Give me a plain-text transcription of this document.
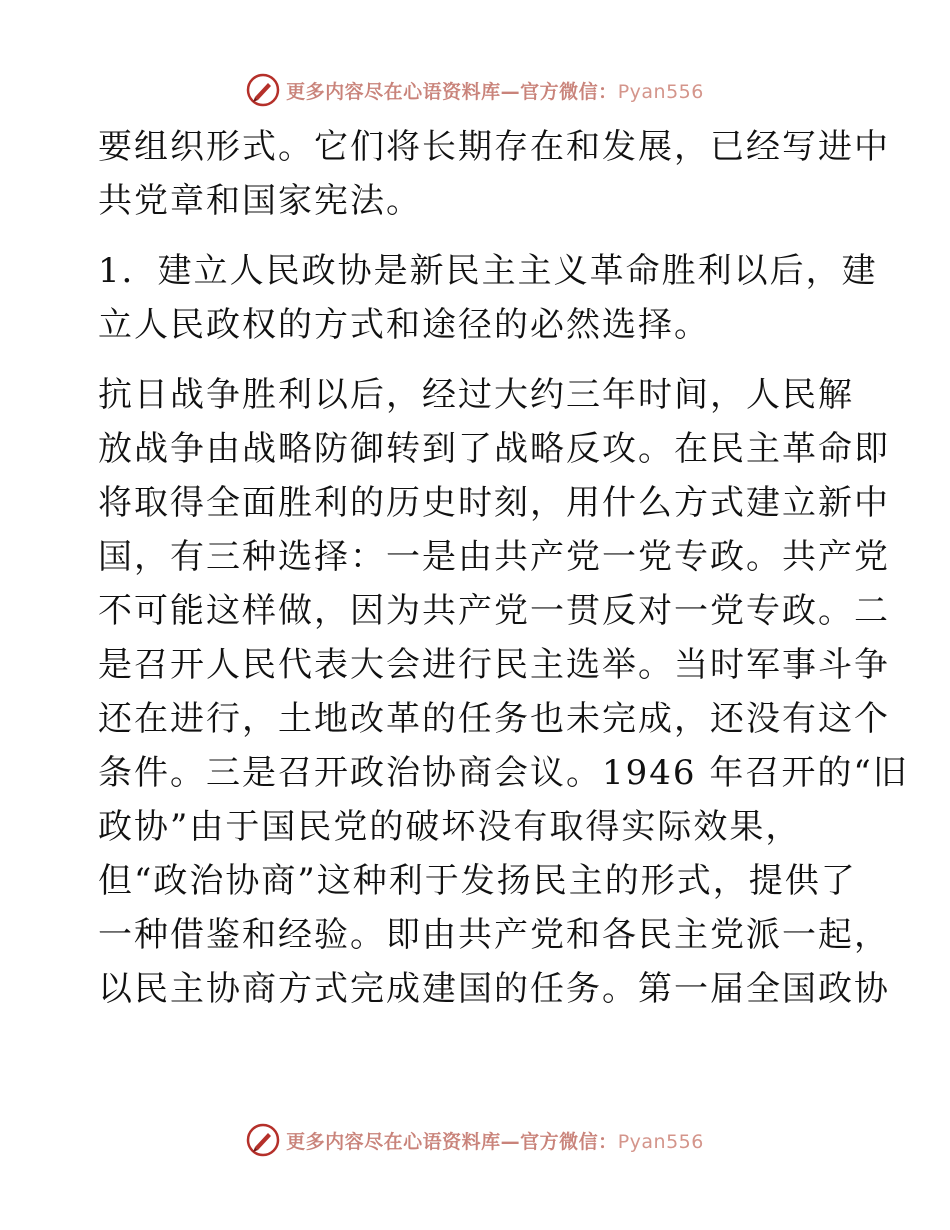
更多内容尽在心语资料库—官方微信：Pyan556

要组织形式。它们将长期存在和发展，已经写进中
共党章和国家宪法。

1．建立人民政协是新民主主义革命胜利以后，建
立人民政权的方式和途径的必然选择。

抗日战争胜利以后，经过大约三年时间，人民解
放战争由战略防御转到了战略反攻。在民主革命即
将取得全面胜利的历史时刻，用什么方式建立新中
国，有三种选择：一是由共产党一党专政。共产党
不可能这样做，因为共产党一贯反对一党专政。二
是召开人民代表大会进行民主选举。当时军事斗争
还在进行，土地改革的任务也未完成，还没有这个
条件。三是召开政治协商会议。1946 年召开的“旧
政协”由于国民党的破坏没有取得实际效果，
但“政治协商”这种利于发扬民主的形式，提供了
一种借鉴和经验。即由共产党和各民主党派一起，
以民主协商方式完成建国的任务。第一届全国政协

更多内容尽在心语资料库—官方微信：Pyan556
